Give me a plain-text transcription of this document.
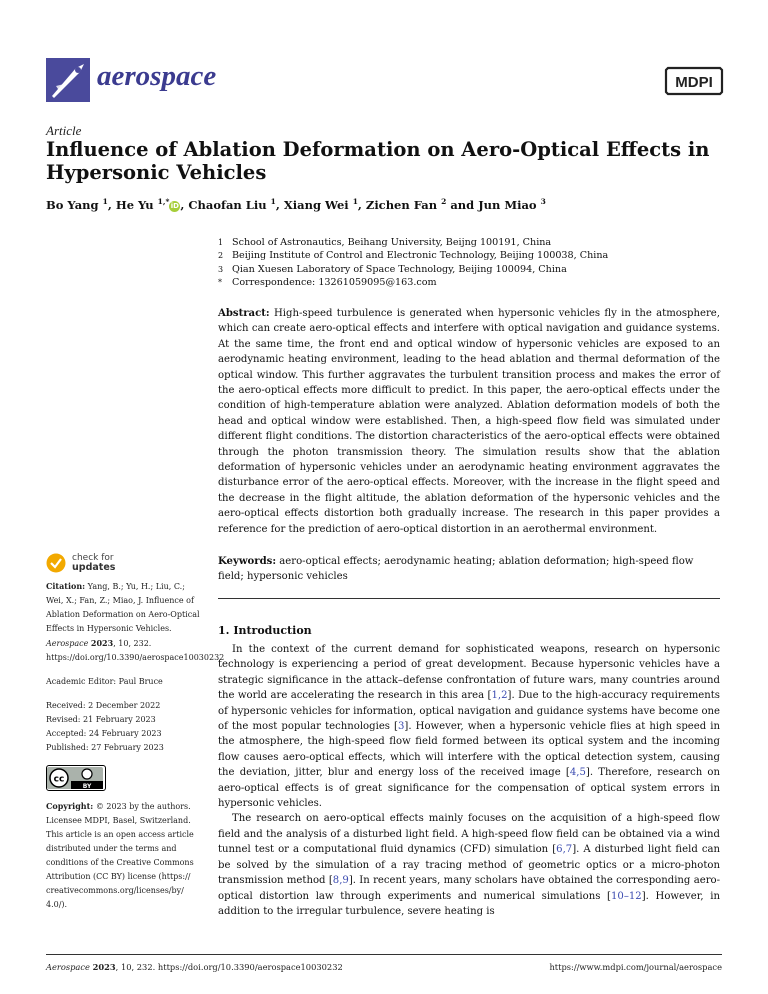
aerospace	MDPI
Article
Influence of Ablation Deformation on Aero-Optical Effects in Hypersonic Vehicles
Bo Yang $^1$, He Yu $^{1,*}$iD, Chaofan Liu $^1$, Xiang Wei $^1$, Zichen Fan $^2$ and Jun Miao $^3$
1 School of Astronautics, Beihang University, Beijng 100191, China
2 Beijing Institute of Control and Electronic Technology, Beijing 100038, China
3 Qian Xuesen Laboratory of Space Technology, Beijing 100094, China
*	Correspondence: 13261059095@163.com
Abstract: High-speed turbulence is generated when hypersonic vehicles fly in the atmosphere, which can create aero-optical effects and interfere with optical navigation and guidance systems. At the same time, the front end and optical window of hypersonic vehicles are exposed to an aerodynamic heating environment, leading to the head ablation and thermal deformation of the optical window. This further aggravates the turbulent transition process and makes the error of the aero-optical effects more difficult to predict. In this paper, the aero-optical effects under the condition of high-temperature ablation were analyzed. Ablation deformation models of both the head and optical window were established. Then, a high-speed flow field was simulated under different flight conditions. The distortion characteristics of the aero-optical effects were obtained through the photon transmission theory. The simulation results show that the ablation deformation of hypersonic vehicles under an aerodynamic heating environment aggravates the disturbance error of the aero-optical effects. Moreover, with the increase in the flight speed and the decrease in the flight altitude, the ablation deformation of the hypersonic vehicles and the aero-optical effects distortion both gradually increase. The research in this paper provides a reference for the prediction of aero-optical distortion in an aerothermal environment.
Keywords: aero-optical effects; aerodynamic heating; ablation deformation; high-speed flow field; hypersonic vehicles
check for
updates

Citation: Yang, B.; Yu, H.; Liu, C.; Wei, X.; Fan, Z.; Miao, J. Influence of Ablation Deformation on Aero-Optical Effects in Hypersonic Vehicles. Aerospace 2023, 10, 232. https://doi.org/10.3390/aerospace10030232

Academic Editor: Paul Bruce

Received: 2 December 2022
Revised: 21 February 2023
Accepted: 24 February 2023
Published: 27 February 2023
cc
BY

Copyright: © 2023 by the authors. Licensee MDPI, Basel, Switzerland. This article is an open access article distributed under the terms and conditions of the Creative Commons Attribution (CC BY) license (https:// creativecommons.org/licenses/by/ 4.0/).

1. Introduction

In the context of the current demand for sophisticated weapons, research on hypersonic technology is experiencing a period of great development. Because hypersonic vehicles have a strategic significance in the attack–defense confrontation of future wars, many countries around the world are accelerating the research in this area [1,2]. Due to the high-accuracy requirements of hypersonic vehicles for information, optical navigation and guidance systems have become one of the most popular technologies [3]. However, when a hypersonic vehicle flies at high speed in the atmosphere, the high-speed flow field formed between its optical system and the incoming flow causes aero-optical effects, which will interfere with the optical detection system, causing the deviation, jitter, blur and energy loss of the received image [4,5]. Therefore, research on aero-optical effects is of great significance for the compensation of optical system errors in hypersonic vehicles.

The research on aero-optical effects mainly focuses on the acquisition of a high-speed flow field and the analysis of a disturbed light field. A high-speed flow field can be obtained via a wind tunnel test or a computational fluid dynamics (CFD) simulation [6,7]. A disturbed light field can be solved by the simulation of a ray tracing method of geometric optics or a micro-photon transmission method [8,9]. In recent years, many scholars have obtained the corresponding aero-optical distortion law through experiments and numerical simulations [10–12]. However, in addition to the irregular turbulence, severe heating is

Aerospace 2023, 10, 232. https://doi.org/10.3390/aerospace10030232	https://www.mdpi.com/journal/aerospace
